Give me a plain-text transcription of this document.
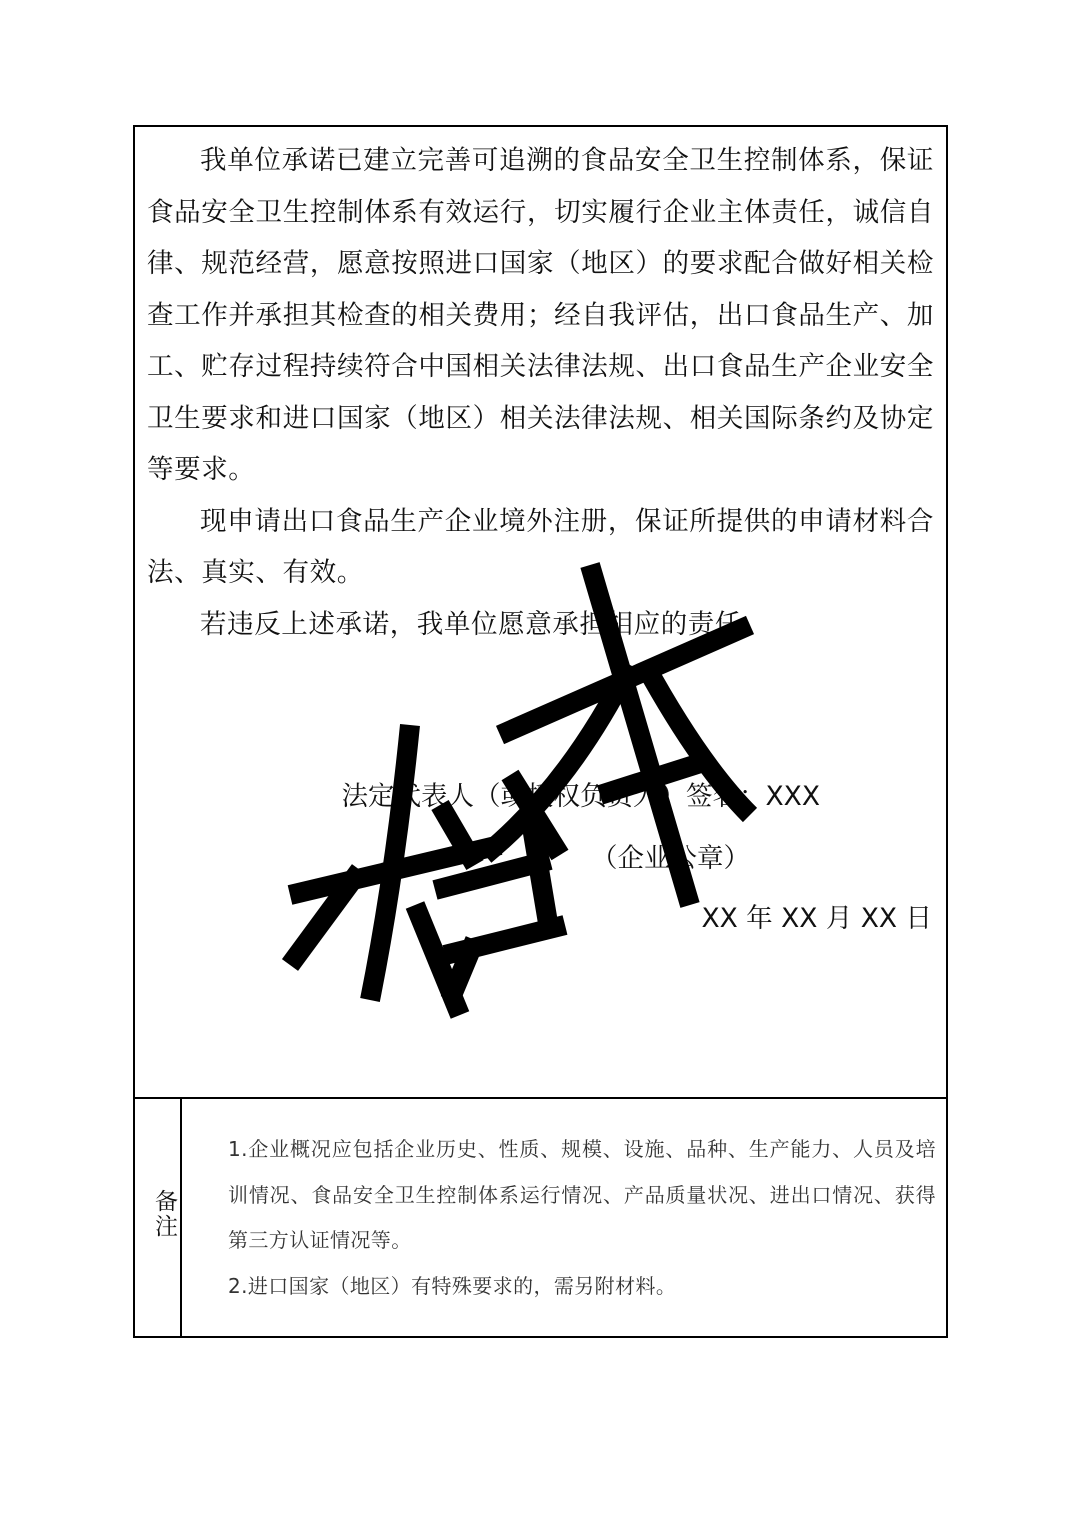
我单位承诺已建立完善可追溯的食品安全卫生控制体系，保证食品安全卫生控制体系有效运行，切实履行企业主体责任，诚信自律、规范经营，愿意按照进口国家（地区）的要求配合做好相关检查工作并承担其检查的相关费用；经自我评估，出口食品生产、加工、贮存过程持续符合中国相关法律法规、出口食品生产企业安全卫生要求和进口国家（地区）相关法律法规、相关国际条约及协定等要求。

现申请出口食品生产企业境外注册，保证所提供的申请材料合法、真实、有效。

若违反上述承诺，我单位愿意承担相应的责任。

法定代表人（或授权负责人）签名：XXX
（企业公章）
XX 年 XX 月 XX 日
备注

1.企业概况应包括企业历史、性质、规模、设施、品种、生产能力、人员及培训情况、食品安全卫生控制体系运行情况、产品质量状况、进出口情况、获得第三方认证情况等。

2.进口国家（地区）有特殊要求的，需另附材料。
